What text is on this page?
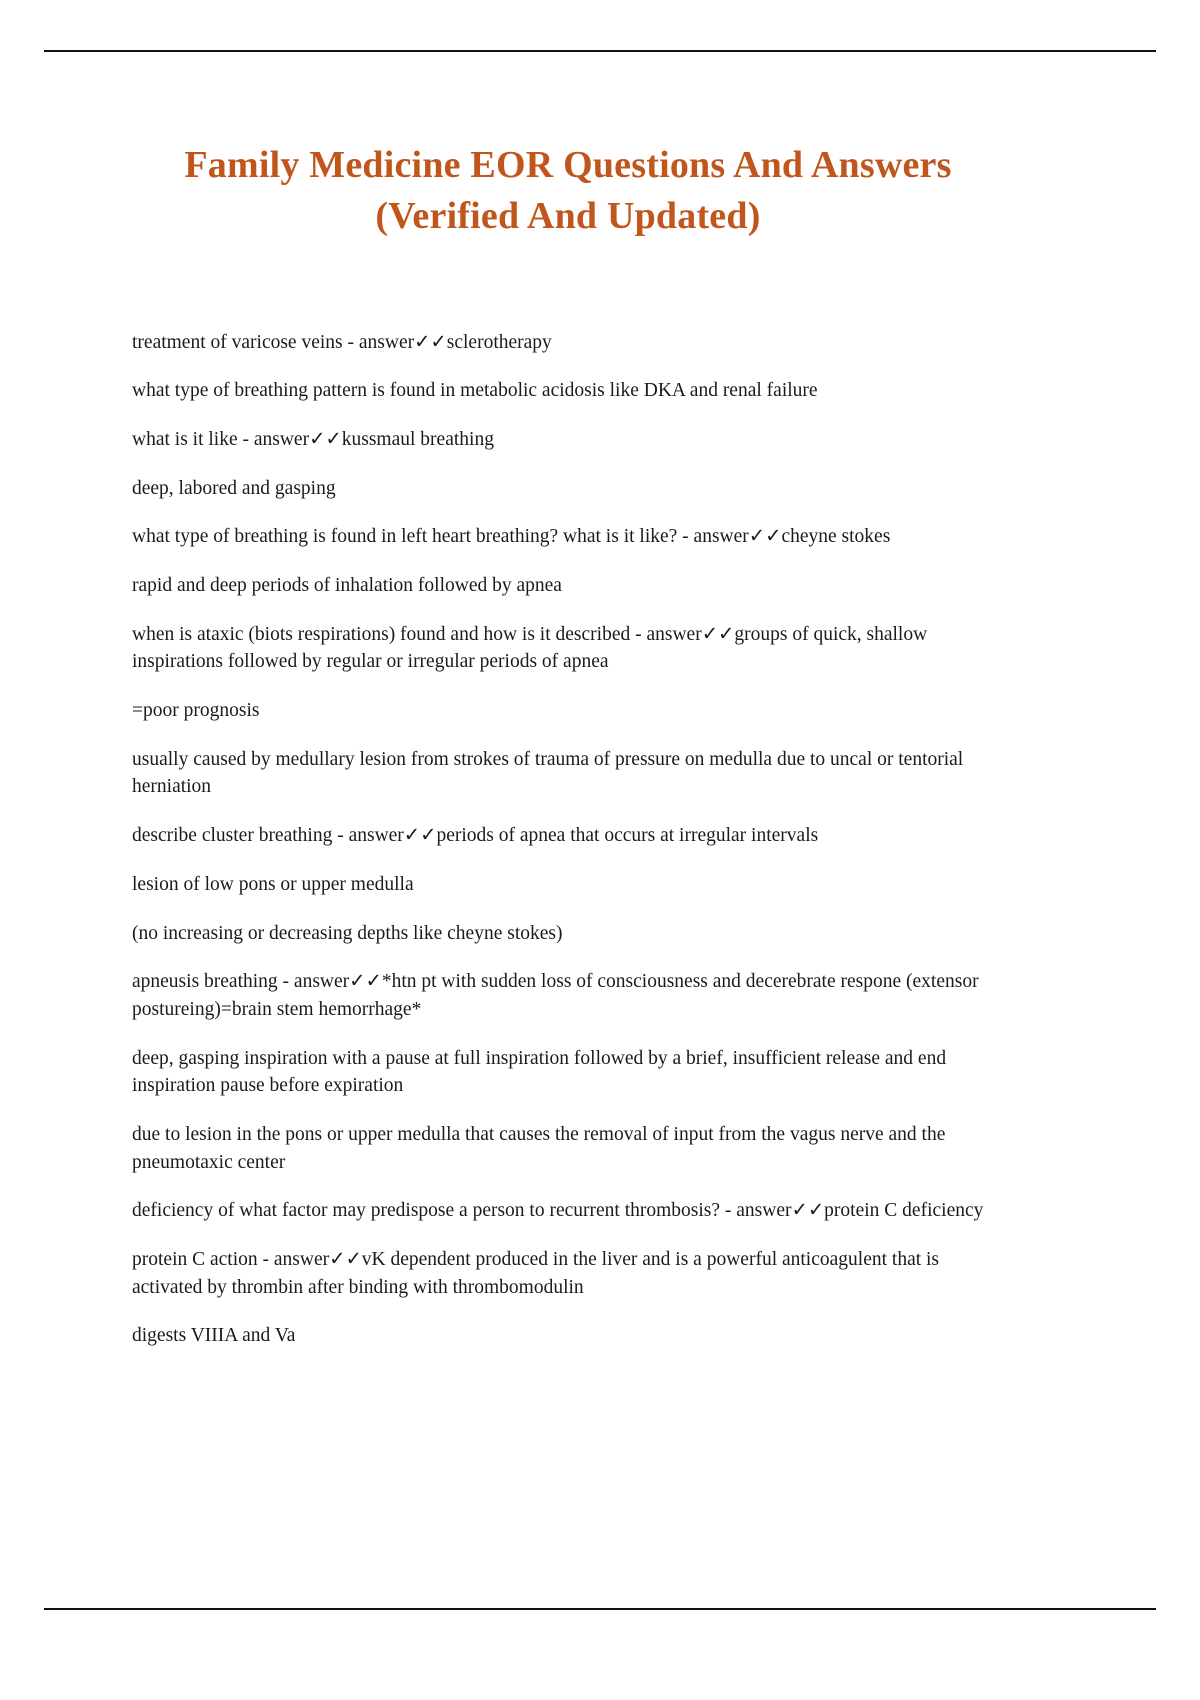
Family Medicine EOR Questions And Answers (Verified And Updated)

treatment of varicose veins - answer✓✓sclerotherapy

what type of breathing pattern is found in metabolic acidosis like DKA and renal failure

what is it like - answer✓✓kussmaul breathing

deep, labored and gasping

what type of breathing is found in left heart breathing? what is it like? - answer✓✓cheyne stokes

rapid and deep periods of inhalation followed by apnea

when is ataxic (biots respirations) found and how is it described - answer✓✓groups of quick, shallow inspirations followed by regular or irregular periods of apnea

=poor prognosis

usually caused by medullary lesion from strokes of trauma of pressure on medulla due to uncal or tentorial herniation

describe cluster breathing - answer✓✓periods of apnea that occurs at irregular intervals

lesion of low pons or upper medulla

(no increasing or decreasing depths like cheyne stokes)

apneusis breathing - answer✓✓*htn pt with sudden loss of consciousness and decerebrate respone (extensor postureing)=brain stem hemorrhage*

deep, gasping inspiration with a pause at full inspiration followed by a brief, insufficient release and end inspiration pause before expiration

due to lesion in the pons or upper medulla that causes the removal of input from the vagus nerve and the pneumotaxic center

deficiency of what factor may predispose a person to recurrent thrombosis? - answer✓✓protein C deficiency

protein C action - answer✓✓vK dependent produced in the liver and is a powerful anticoagulent that is activated by thrombin after binding with thrombomodulin

digests VIIIA and Va
